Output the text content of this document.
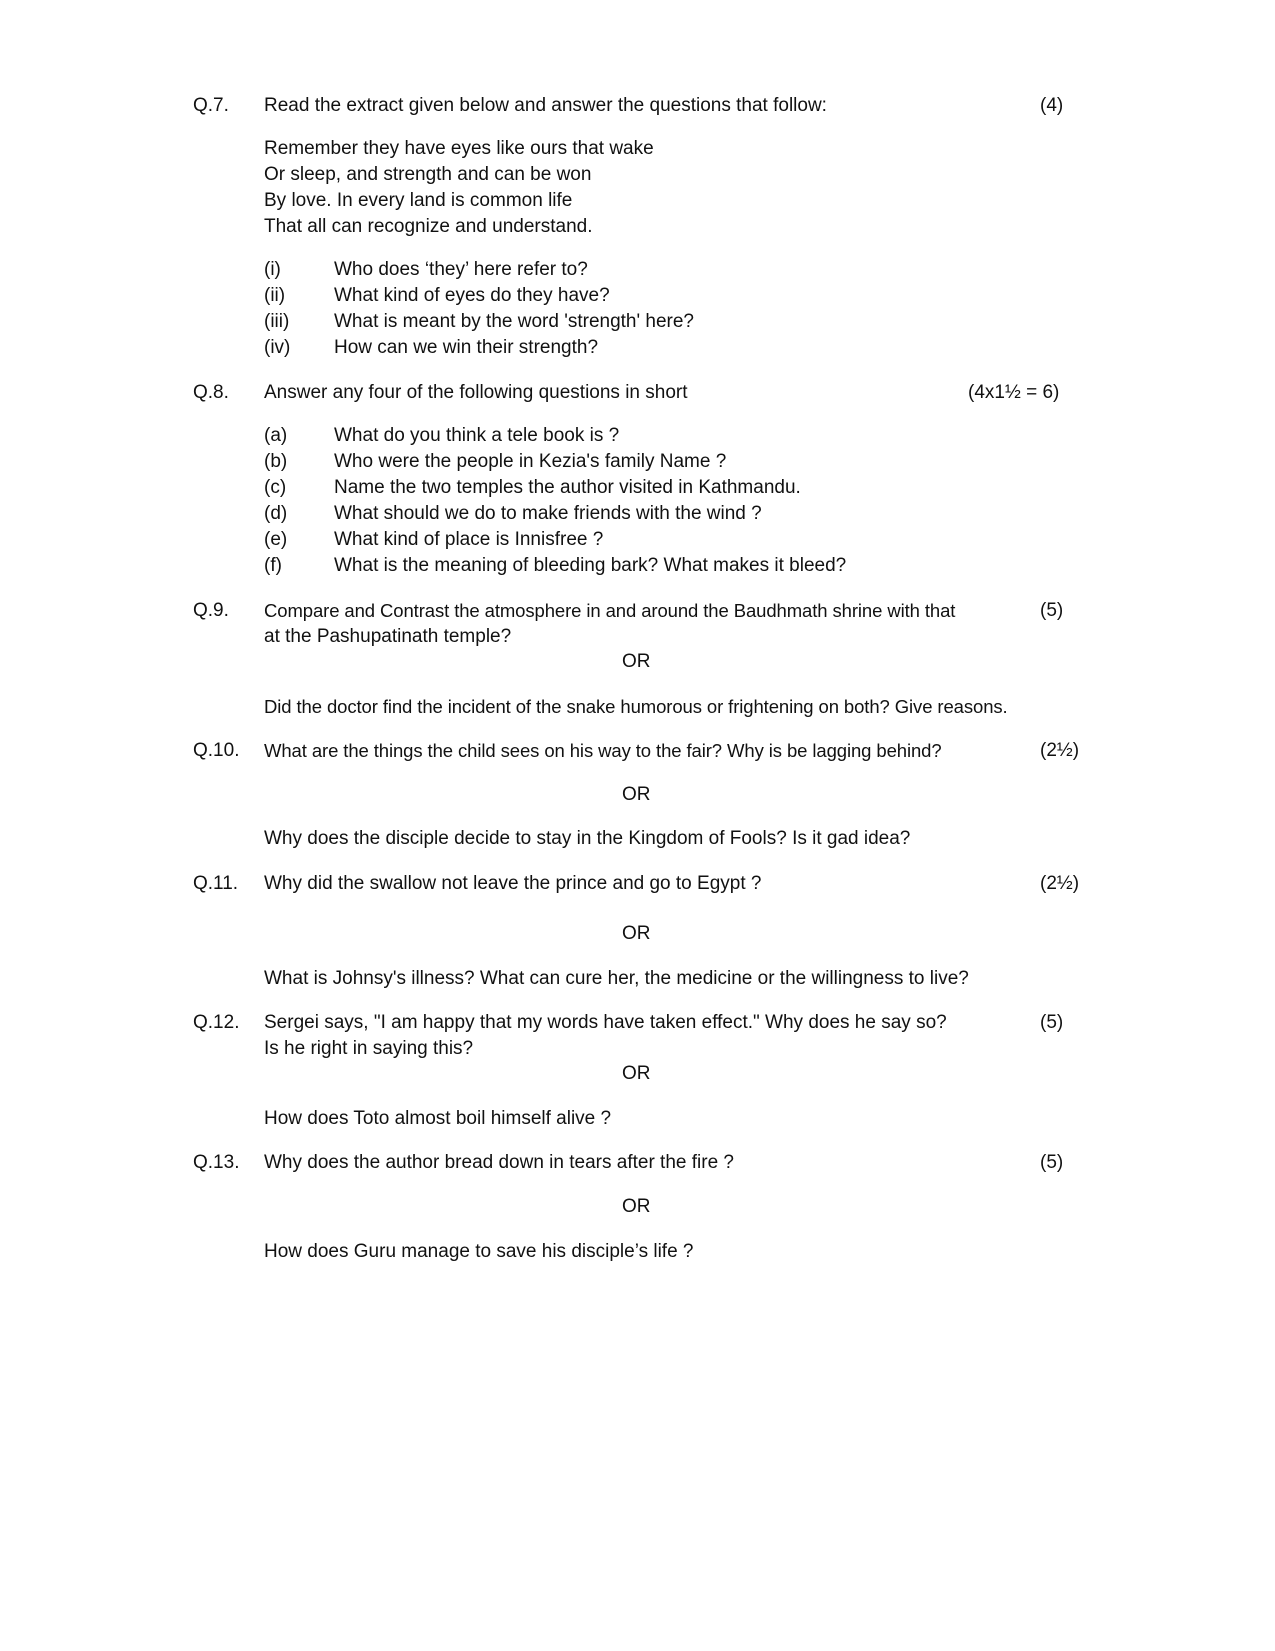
Q.7. Read the extract given below and answer the questions that follow:	(4)
Remember they have eyes like ours that wake
Or sleep, and strength and can be won
By love. In every land is common life
That all can recognize and understand.
(i)	Who does ‘they’ here refer to?
(ii)	What kind of eyes do they have?
(iii) What is meant by the word 'strength' here?
(iv) How can we win their strength?
Q.8. Answer any four of the following questions in short	(4x1½ = 6)
(a) What do you think a tele book is ?
(b) Who were the people in Kezia's family Name ?
(c)	Name the two temples the author visited in Kathmandu.
(d) What should we do to make friends with the wind ?
(e) What kind of place is Innisfree ?
(f)	What is the meaning of bleeding bark? What makes it bleed?
Q.9. Compare and Contrast the atmosphere in and around the Baudhmath shrine with that	(5)
at the Pashupatinath temple?
OR
Did the doctor find the incident of the snake humorous or frightening on both? Give reasons.
Q.10. What are the things the child sees on his way to the fair? Why is be lagging behind?	(2½)
OR
Why does the disciple decide to stay in the Kingdom of Fools? Is it gad idea?
Q.11. Why did the swallow not leave the prince and go to Egypt ?	(2½)
OR
What is Johnsy's illness? What can cure her, the medicine or the willingness to live?
Q.12. Sergei says, "I am happy that my words have taken effect." Why does he say so?	(5)
Is he right in saying this?
OR
How does Toto almost boil himself alive ?
Q.13. Why does the author bread down in tears after the fire ?	(5)
OR
How does Guru manage to save his disciple’s life ?
